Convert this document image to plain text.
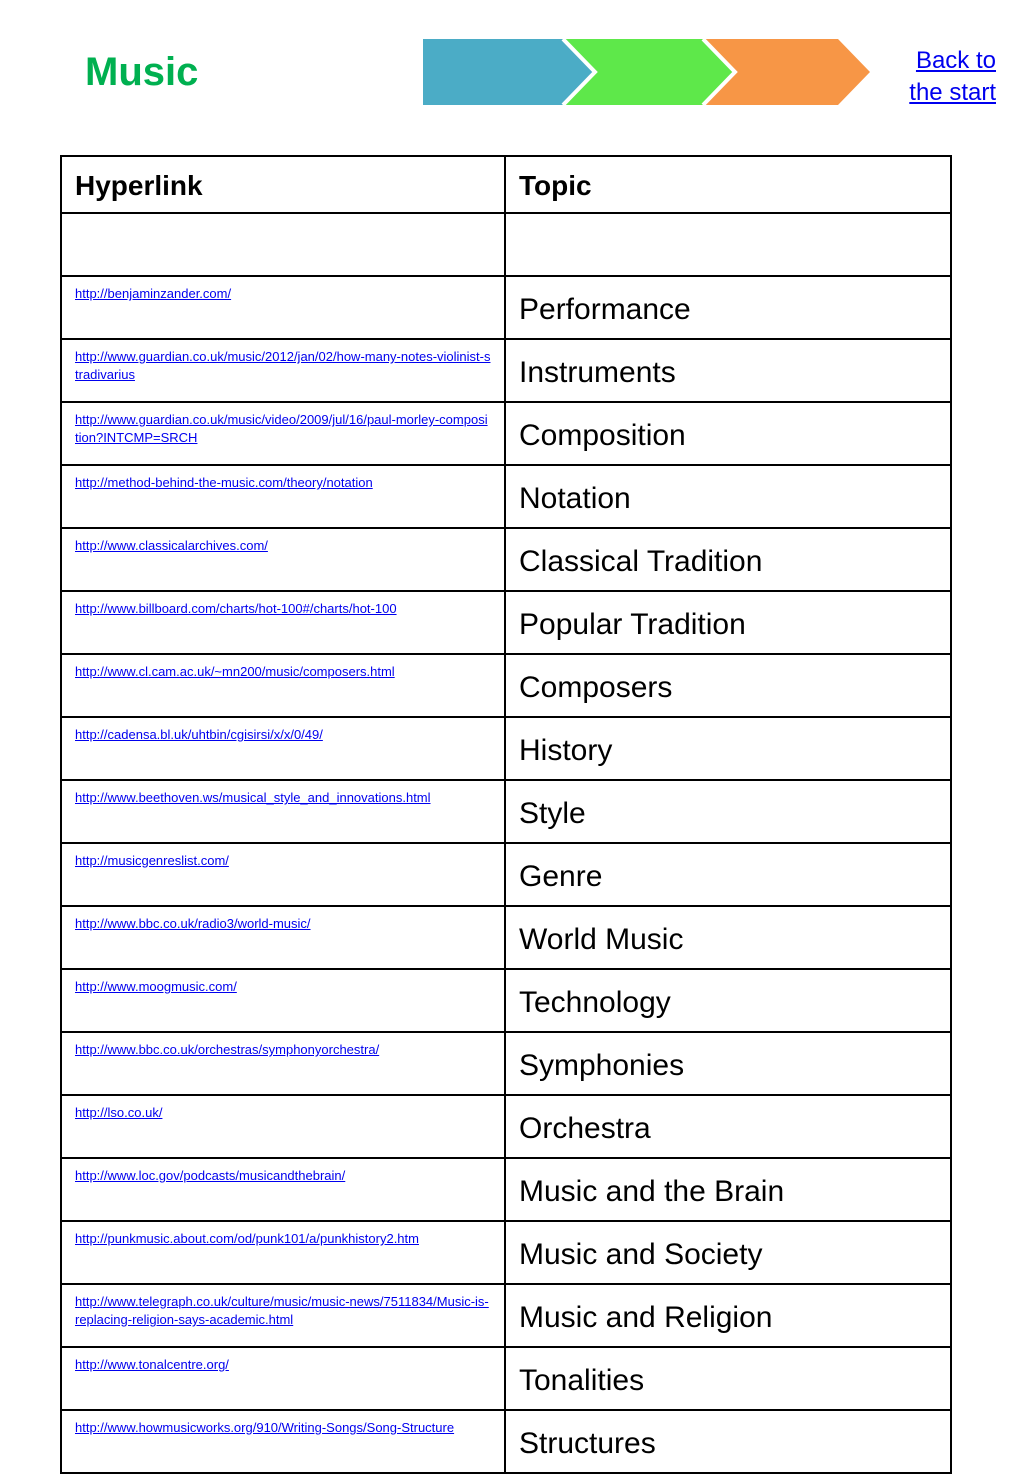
Music	Back to the start
Hyperlink	Topic

http://benjaminzander.com/	Performance
http://www.guardian.co.uk/music/2012/jan/02/how-many-notes-violinist-stradivarius	Instruments
http://www.guardian.co.uk/music/video/2009/jul/16/paul-morley-composition?INTCMP=SRCH	Composition
http://method-behind-the-music.com/theory/notation	Notation
http://www.classicalarchives.com/	Classical Tradition
http://www.billboard.com/charts/hot-100#/charts/hot-100	Popular Tradition
http://www.cl.cam.ac.uk/~mn200/music/composers.html	Composers
http://cadensa.bl.uk/uhtbin/cgisirsi/x/x/0/49/	History
http://www.beethoven.ws/musical_style_and_innovations.html	Style
http://musicgenreslist.com/	Genre
http://www.bbc.co.uk/radio3/world-music/	World Music
http://www.moogmusic.com/	Technology
http://www.bbc.co.uk/orchestras/symphonyorchestra/	Symphonies
http://lso.co.uk/	Orchestra
http://www.loc.gov/podcasts/musicandthebrain/	Music and the Brain
http://punkmusic.about.com/od/punk101/a/punkhistory2.htm	Music and Society
http://www.telegraph.co.uk/culture/music/music-news/7511834/Music-is-replacing-religion-says-academic.html	Music and Religion
http://www.tonalcentre.org/	Tonalities
http://www.howmusicworks.org/910/Writing-Songs/Song-Structure	Structures
